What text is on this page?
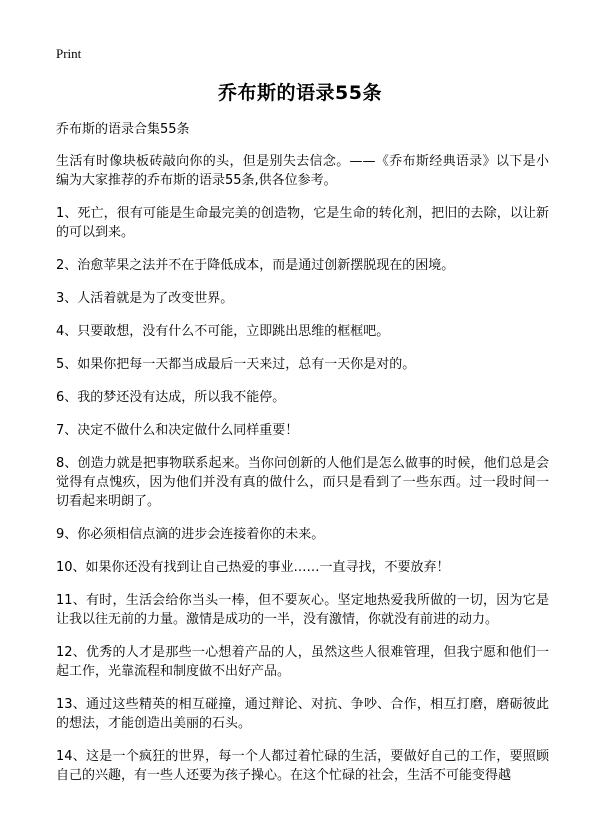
Print
乔布斯的语录55条

乔布斯的语录合集55条

生活有时像块板砖敲向你的头，但是别失去信念。——《乔布斯经典语录》以下是小编为大家推荐的乔布斯的语录55条,供各位参考。

1、死亡，很有可能是生命最完美的创造物，它是生命的转化剂，把旧的去除，以让新的可以到来。

2、治愈苹果之法并不在于降低成本，而是通过创新摆脱现在的困境。

3、人活着就是为了改变世界。

4、只要敢想，没有什么不可能，立即跳出思维的框框吧。

5、如果你把每一天都当成最后一天来过，总有一天你是对的。

6、我的梦还没有达成，所以我不能停。

7、决定不做什么和决定做什么同样重要！

8、创造力就是把事物联系起来。当你问创新的人他们是怎么做事的时候，他们总是会觉得有点愧疚，因为他们并没有真的做什么，而只是看到了一些东西。过一段时间一切看起来明朗了。

9、你必须相信点滴的进步会连接着你的未来。

10、如果你还没有找到让自己热爱的事业……一直寻找，不要放弃！

11、有时，生活会给你当头一棒，但不要灰心。坚定地热爱我所做的一切，因为它是让我以往无前的力量。激情是成功的一半，没有激情，你就没有前进的动力。

12、优秀的人才是那些一心想着产品的人，虽然这些人很难管理，但我宁愿和他们一起工作，光靠流程和制度做不出好产品。

13、通过这些精英的相互碰撞，通过辩论、对抗、争吵、合作，相互打磨，磨砺彼此的想法，才能创造出美丽的石头。

14、这是一个疯狂的世界，每一个人都过着忙碌的生活，要做好自己的工作，要照顾自己的兴趣，有一些人还要为孩子操心。在这个忙碌的社会，生活不可能变得越
